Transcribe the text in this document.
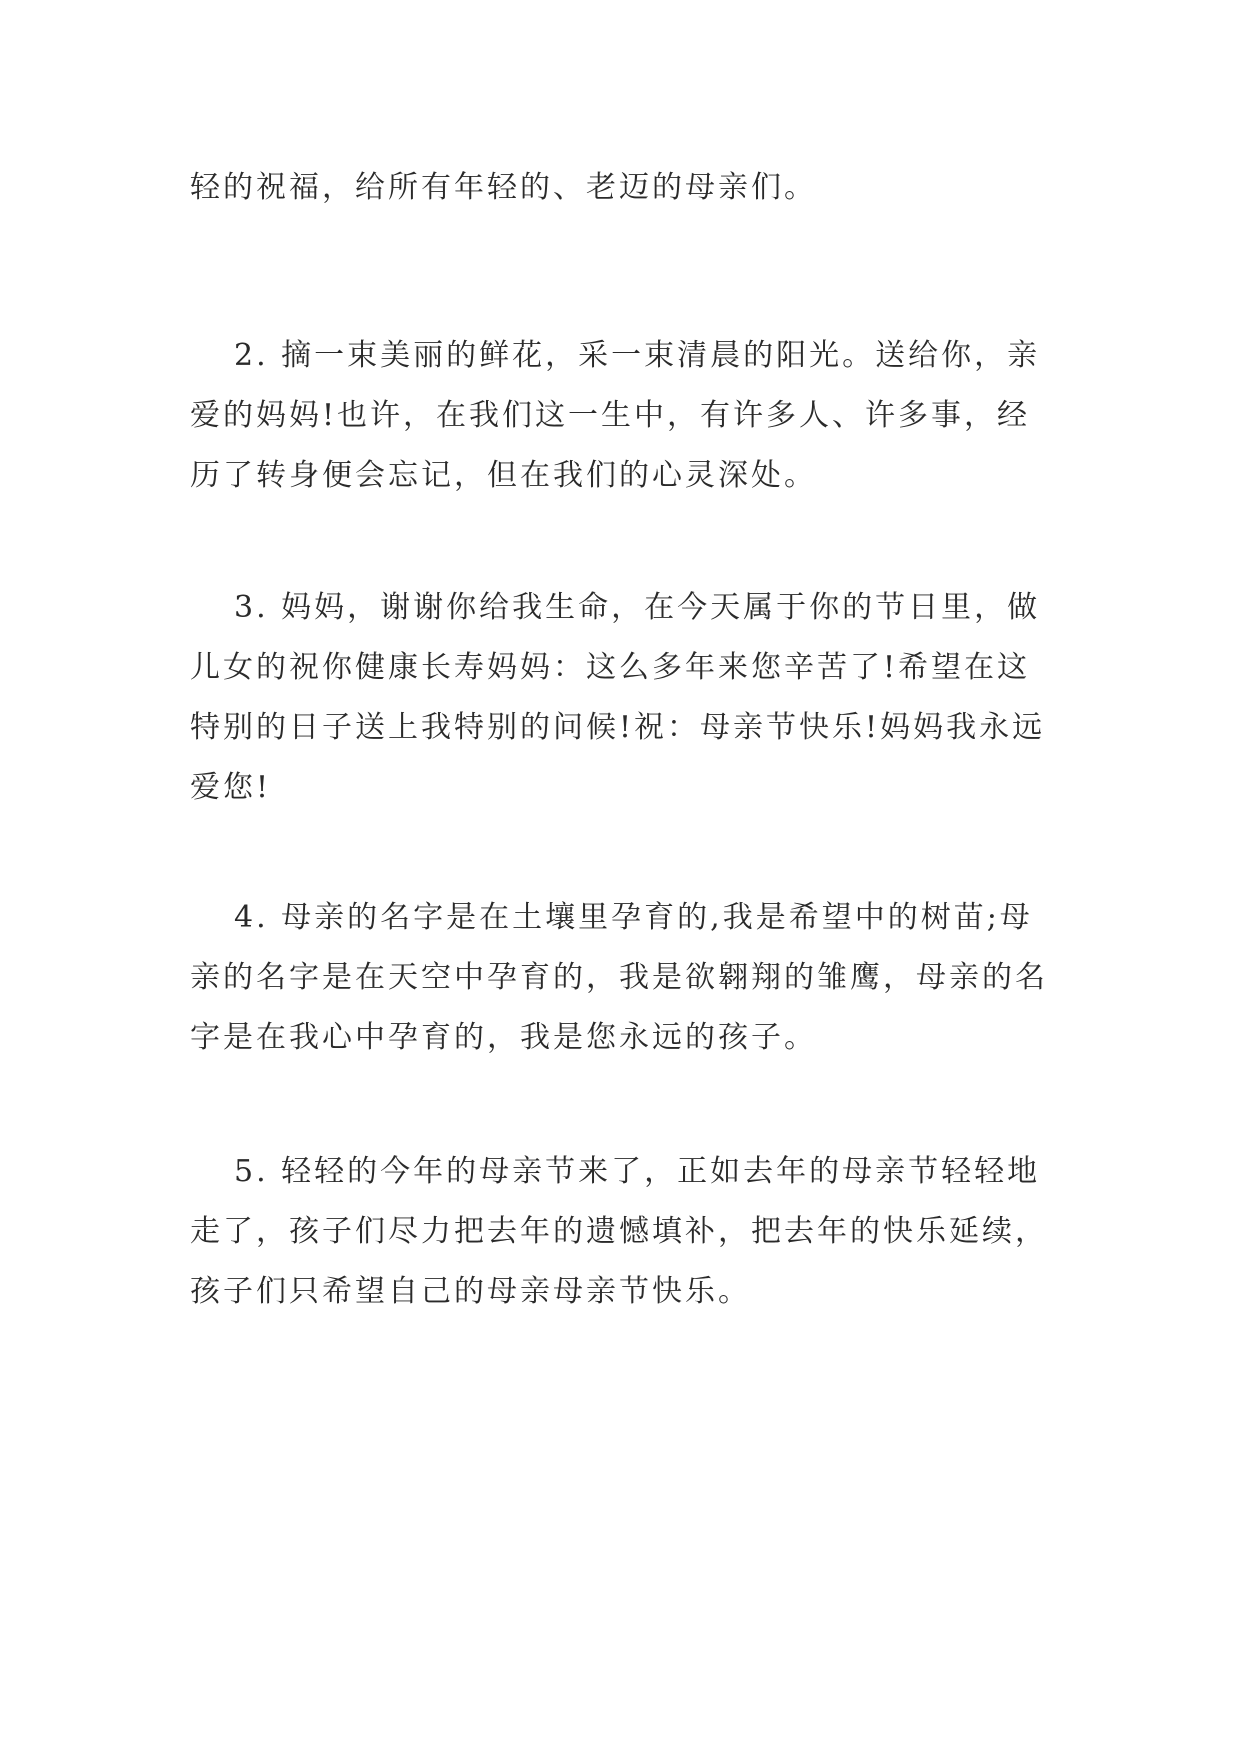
轻的祝福，给所有年轻的、老迈的母亲们。

2. 摘一束美丽的鲜花，采一束清晨的阳光。送给你，亲
爱的妈妈!也许，在我们这一生中，有许多人、许多事，经
历了转身便会忘记，但在我们的心灵深处。

3. 妈妈，谢谢你给我生命，在今天属于你的节日里，做
儿女的祝你健康长寿妈妈：这么多年来您辛苦了!希望在这
特别的日子送上我特别的问候!祝：母亲节快乐!妈妈我永远
爱您!

4. 母亲的名字是在土壤里孕育的,我是希望中的树苗;母
亲的名字是在天空中孕育的，我是欲翱翔的雏鹰，母亲的名
字是在我心中孕育的，我是您永远的孩子。

5. 轻轻的今年的母亲节来了，正如去年的母亲节轻轻地
走了，孩子们尽力把去年的遗憾填补，把去年的快乐延续，
孩子们只希望自己的母亲母亲节快乐。
